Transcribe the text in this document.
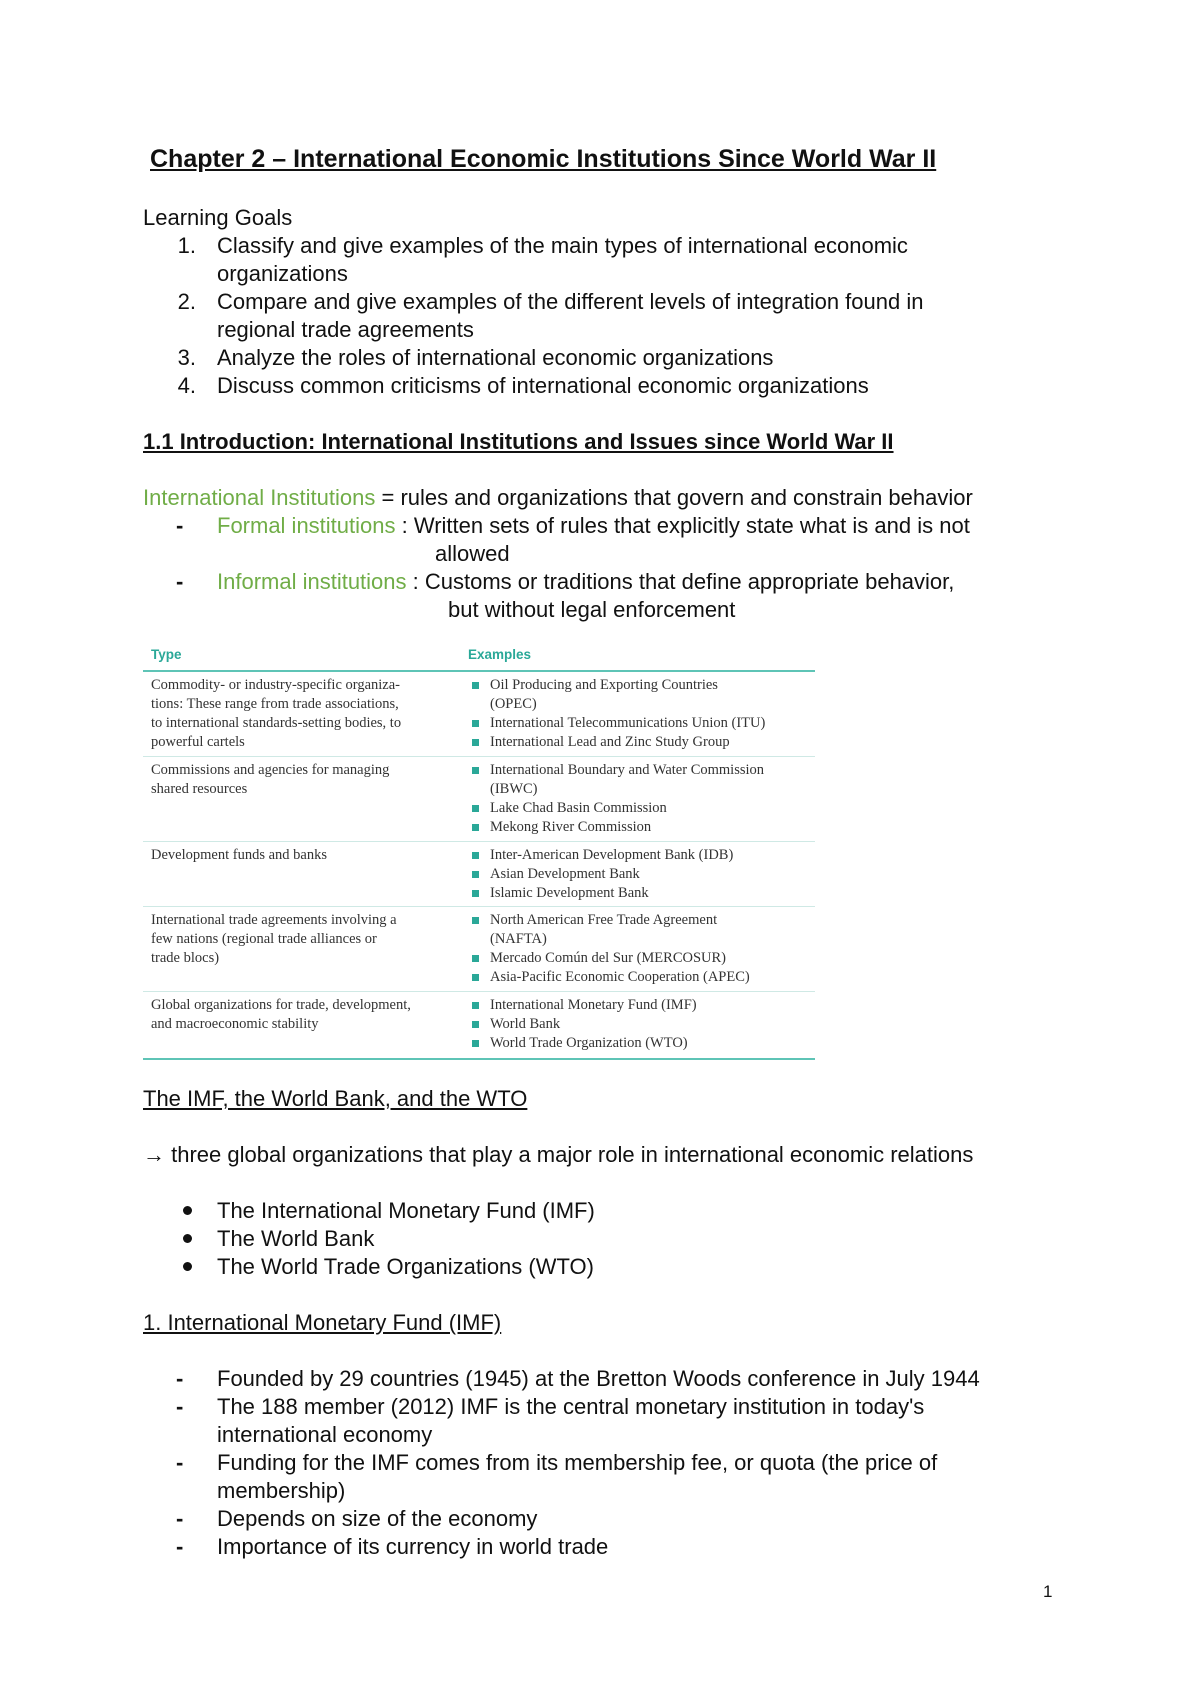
Chapter 2 – International Economic Institutions Since World War II
Learning Goals
1. Classify and give examples of the main types of international economic
organizations
2. Compare and give examples of the different levels of integration found in
regional trade agreements
3. Analyze the roles of international economic organizations
4. Discuss common criticisms of international economic organizations
1.1 Introduction: International Institutions and Issues since World War II
International Institutions = rules and organizations that govern and constrain behavior
- Formal institutions : Written sets of rules that explicitly state what is and is not
allowed
- Informal institutions : Customs or traditions that define appropriate behavior,
but without legal enforcement
Type	Examples
Commodity- or industry-specific organiza-
tions: These range from trade associations,
to international standards-setting bodies, to
powerful cartels
Oil Producing and Exporting Countries
(OPEC)
International Telecommunications Union (ITU)
International Lead and Zinc Study Group
Commissions and agencies for managing
shared resources
International Boundary and Water Commission
(IBWC)
Lake Chad Basin Commission
Mekong River Commission
Development funds and banks	Inter-American Development Bank (IDB)
Asian Development Bank
Islamic Development Bank
International trade agreements involving a
few nations (regional trade alliances or
trade blocs)
North American Free Trade Agreement
(NAFTA)
Mercado Común del Sur (MERCOSUR)
Asia-Pacific Economic Cooperation (APEC)
Global organizations for trade, development,
and macroeconomic stability
International Monetary Fund (IMF)
World Bank
World Trade Organization (WTO)
The IMF, the World Bank, and the WTO
→ three global organizations that play a major role in international economic relations
The International Monetary Fund (IMF)
The World Bank
The World Trade Organizations (WTO)
1. International Monetary Fund (IMF)
- Founded by 29 countries (1945) at the Bretton Woods conference in July 1944
- The 188 member (2012) IMF is the central monetary institution in today's
international economy
- Funding for the IMF comes from its membership fee, or quota (the price of
membership)
- Depends on size of the economy
- Importance of its currency in world trade
1
